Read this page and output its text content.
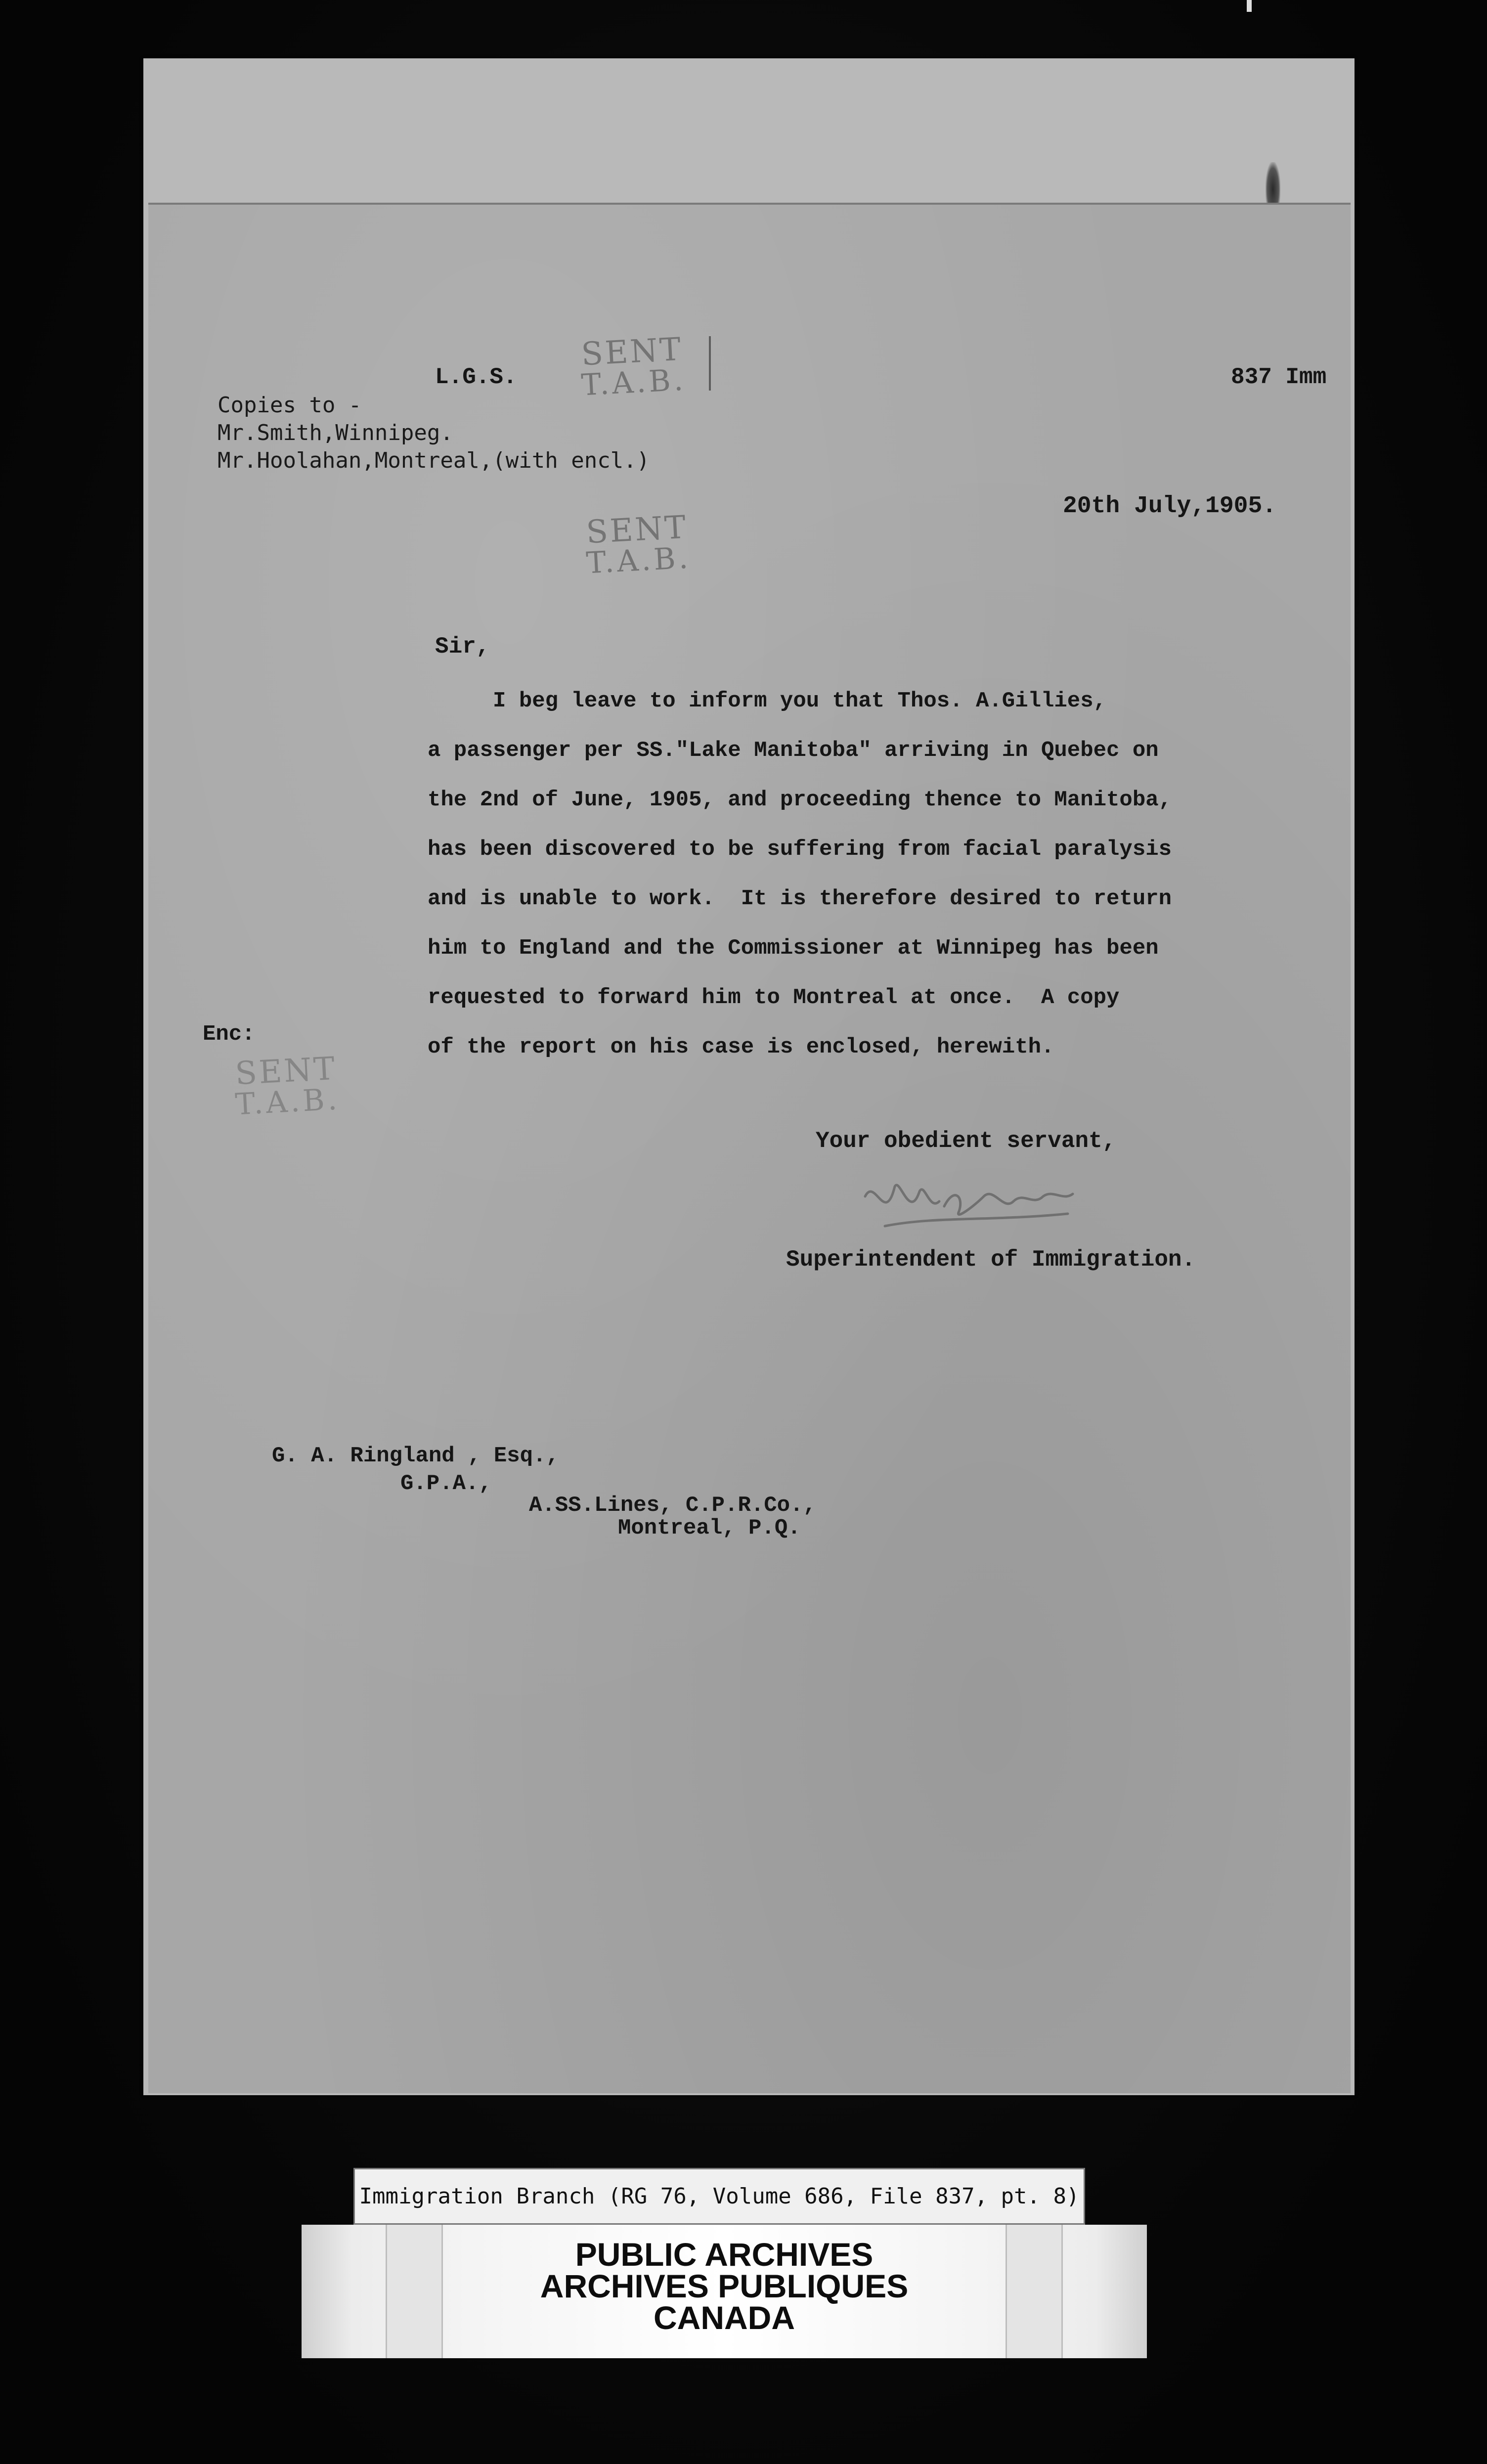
L.G.S.
SENT
T.A.B.	837 Imm
Copies to -
Mr.Smith,Winnipeg.
Mr.Hoolahan,Montreal,(with encl.)
20th July,1905.
SENT
T.A.B.
Sir,
I beg leave to inform you that Thos. A.Gillies,
a passenger per SS."Lake Manitoba" arriving in Quebec on
the 2nd of June, 1905, and proceeding thence to Manitoba,
has been discovered to be suffering from facial paralysis
and is unable to work.  It is therefore desired to return
him to England and the Commissioner at Winnipeg has been
requested to forward him to Montreal at once.  A copy
of the report on his case is enclosed, herewith.
Enc:
SENT
T.A.B.
Your obedient servant,
Superintendent of Immigration.
G. A. Ringland , Esq.,
G.P.A.,
A.SS.Lines, C.P.R.Co.,
Montreal, P.Q.
Immigration Branch (RG 76, Volume 686, File 837, pt. 8)
PUBLIC ARCHIVES
ARCHIVES PUBLIQUES
CANADA
